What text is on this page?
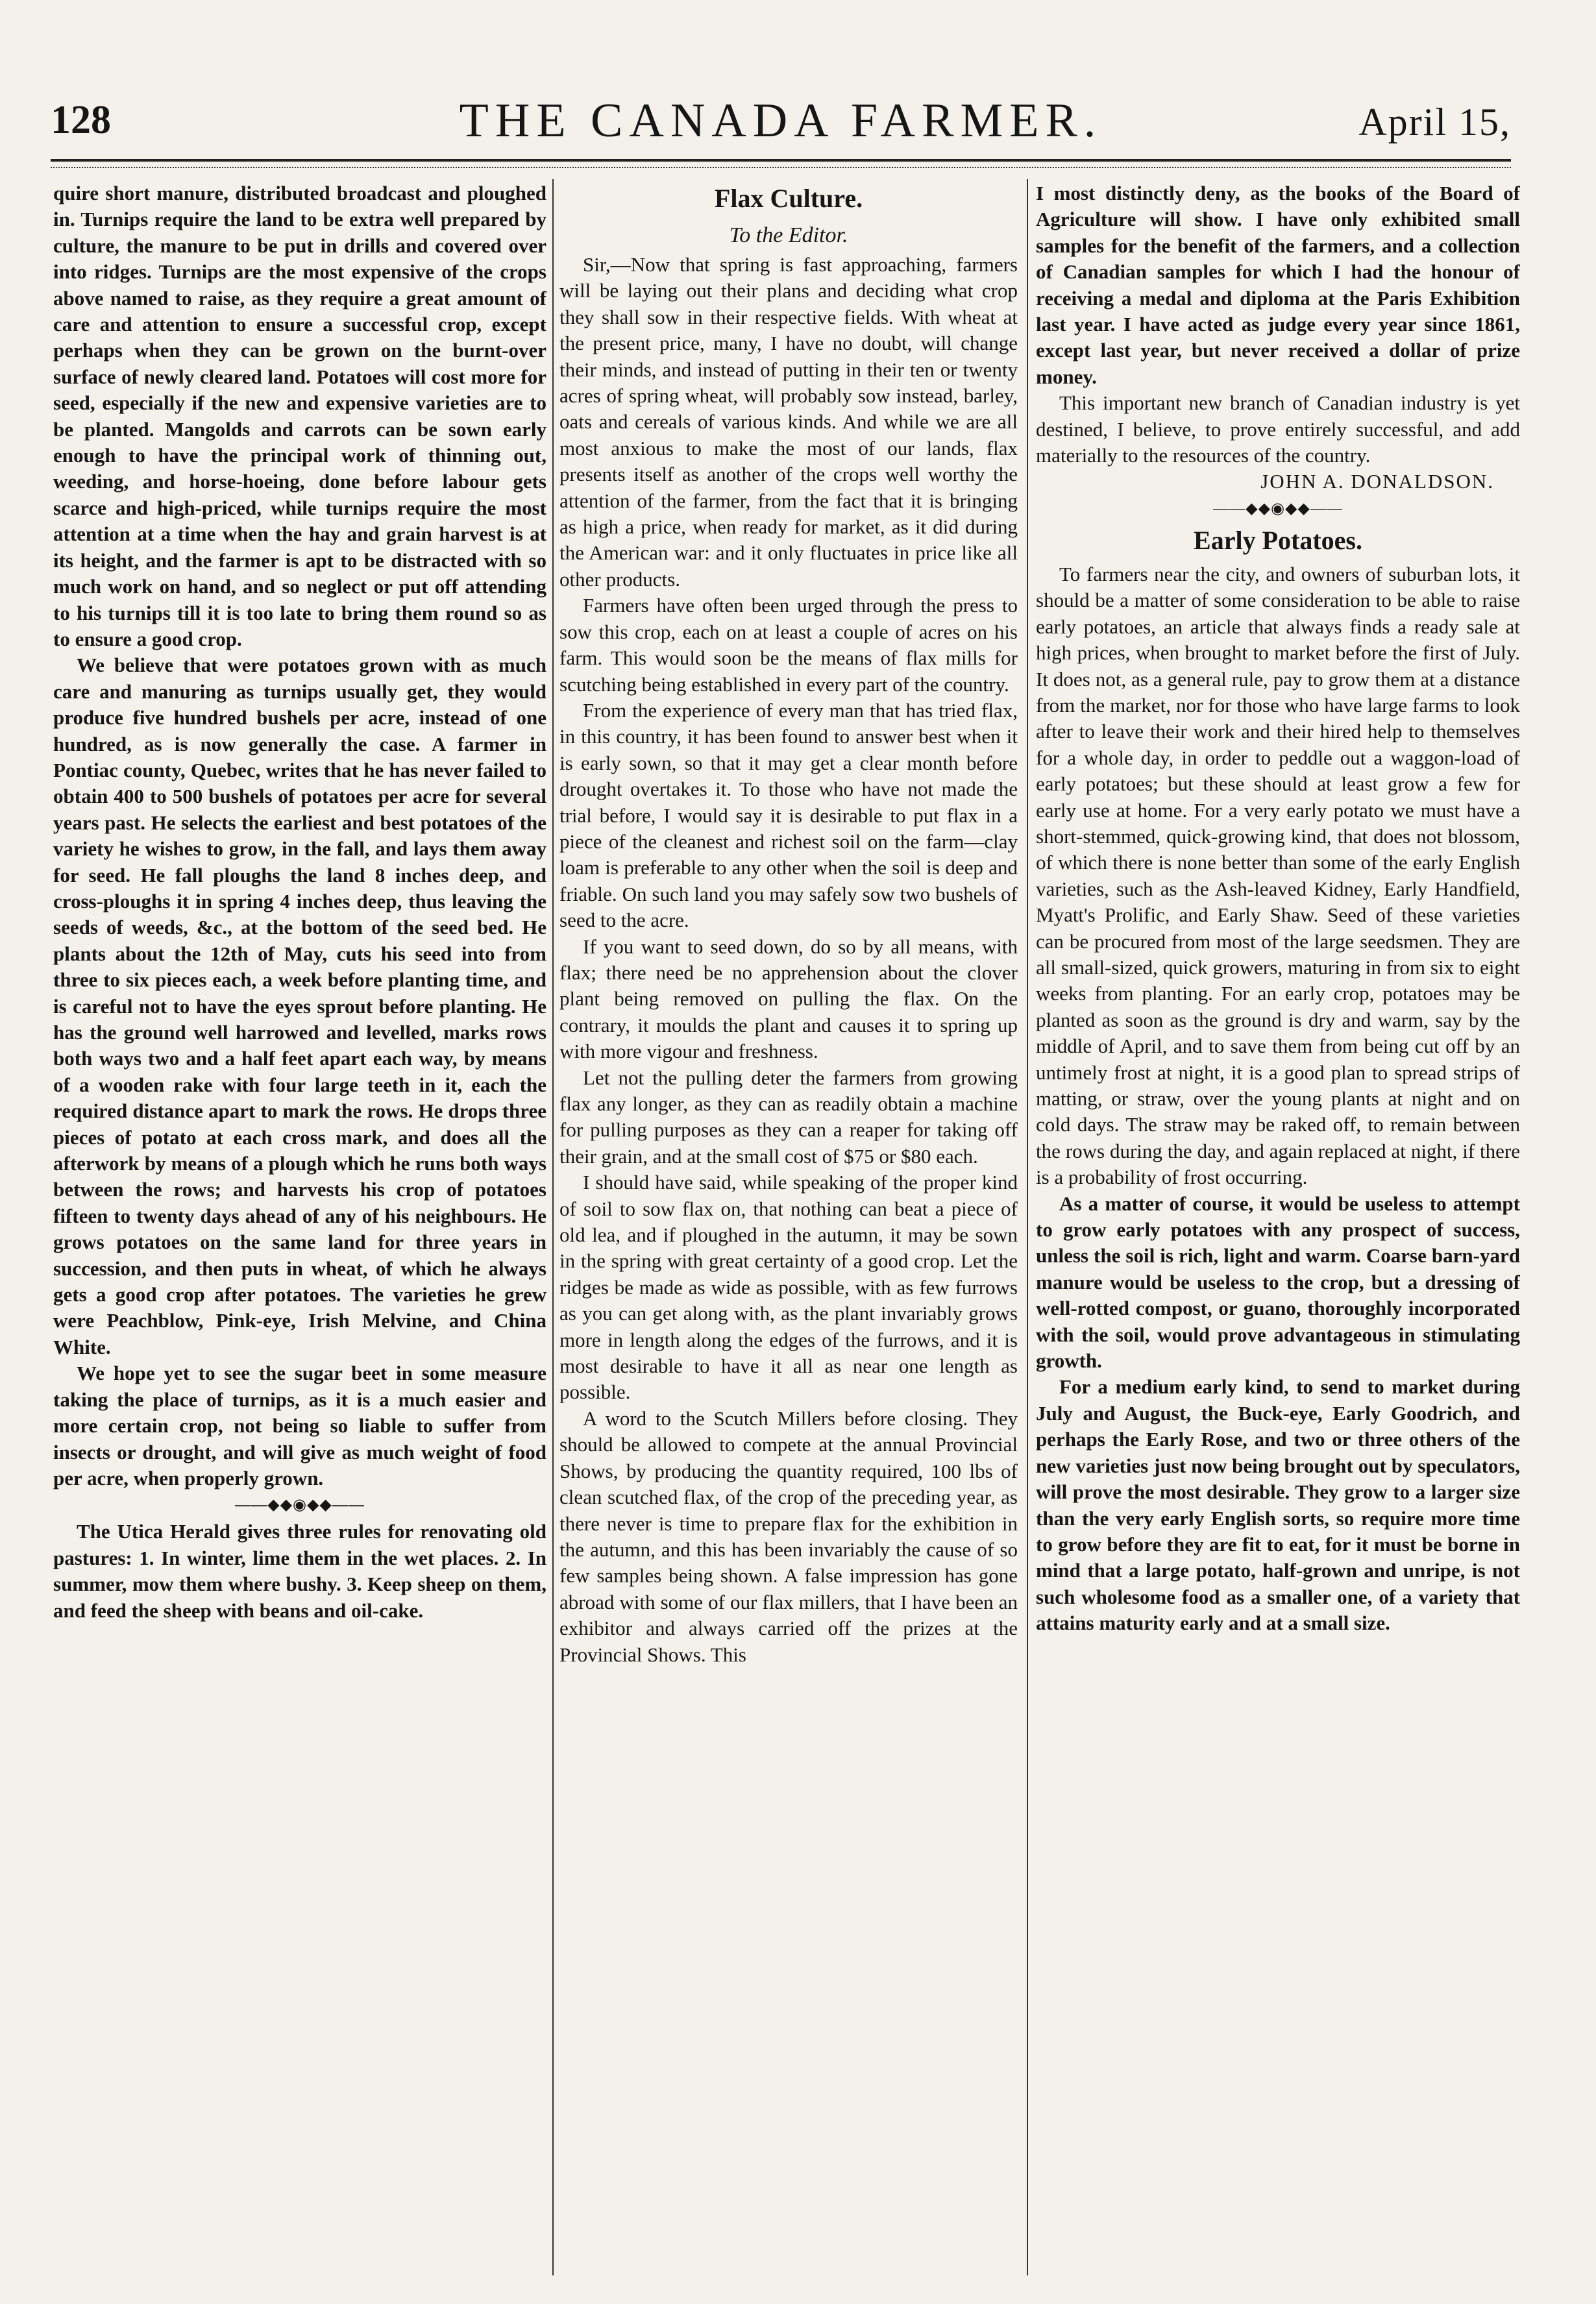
128	THE CANADA FARMER.	April 15,

quire short manure, distributed broadcast and ploughed in. Turnips require the land to be extra well prepared by culture, the manure to be put in drills and covered over into ridges. Turnips are the most expensive of the crops above named to raise, as they require a great amount of care and attention to ensure a successful crop, except perhaps when they can be grown on the burnt-over surface of newly cleared land. Potatoes will cost more for seed, especially if the new and expensive varieties are to be planted. Mangolds and carrots can be sown early enough to have the principal work of thinning out, weeding, and horse-hoeing, done before labour gets scarce and high-priced, while turnips require the most attention at a time when the hay and grain harvest is at its height, and the farmer is apt to be distracted with so much work on hand, and so neglect or put off attending to his turnips till it is too late to bring them round so as to ensure a good crop.

We believe that were potatoes grown with as much care and manuring as turnips usually get, they would produce five hundred bushels per acre, instead of one hundred, as is now generally the case. A farmer in Pontiac county, Quebec, writes that he has never failed to obtain 400 to 500 bushels of potatoes per acre for several years past. He selects the earliest and best potatoes of the variety he wishes to grow, in the fall, and lays them away for seed. He fall ploughs the land 8 inches deep, and cross-ploughs it in spring 4 inches deep, thus leaving the seeds of weeds, &c., at the bottom of the seed bed. He plants about the 12th of May, cuts his seed into from three to six pieces each, a week before planting time, and is careful not to have the eyes sprout before planting. He has the ground well harrowed and levelled, marks rows both ways two and a half feet apart each way, by means of a wooden rake with four large teeth in it, each the required distance apart to mark the rows. He drops three pieces of potato at each cross mark, and does all the afterwork by means of a plough which he runs both ways between the rows; and harvests his crop of potatoes fifteen to twenty days ahead of any of his neighbours. He grows potatoes on the same land for three years in succession, and then puts in wheat, of which he always gets a good crop after potatoes. The varieties he grew were Peachblow, Pink-eye, Irish Melvine, and China White.

We hope yet to see the sugar beet in some measure taking the place of turnips, as it is a much easier and more certain crop, not being so liable to suffer from insects or drought, and will give as much weight of food per acre, when properly grown.

——◆◆◉◆◆——

The Utica Herald gives three rules for renovating old pastures: 1. In winter, lime them in the wet places. 2. In summer, mow them where bushy. 3. Keep sheep on them, and feed the sheep with beans and oil-cake.

Flax Culture.
To the Editor.

Sir,—Now that spring is fast approaching, farmers will be laying out their plans and deciding what crop they shall sow in their respective fields. With wheat at the present price, many, I have no doubt, will change their minds, and instead of putting in their ten or twenty acres of spring wheat, will probably sow instead, barley, oats and cereals of various kinds. And while we are all most anxious to make the most of our lands, flax presents itself as another of the crops well worthy the attention of the farmer, from the fact that it is bringing as high a price, when ready for market, as it did during the American war: and it only fluctuates in price like all other products.

Farmers have often been urged through the press to sow this crop, each on at least a couple of acres on his farm. This would soon be the means of flax mills for scutching being established in every part of the country.

From the experience of every man that has tried flax, in this country, it has been found to answer best when it is early sown, so that it may get a clear month before drought overtakes it. To those who have not made the trial before, I would say it is desirable to put flax in a piece of the cleanest and richest soil on the farm—clay loam is preferable to any other when the soil is deep and friable. On such land you may safely sow two bushels of seed to the acre.

If you want to seed down, do so by all means, with flax; there need be no apprehension about the clover plant being removed on pulling the flax. On the contrary, it moulds the plant and causes it to spring up with more vigour and freshness.

Let not the pulling deter the farmers from growing flax any longer, as they can as readily obtain a machine for pulling purposes as they can a reaper for taking off their grain, and at the small cost of $75 or $80 each.

I should have said, while speaking of the proper kind of soil to sow flax on, that nothing can beat a piece of old lea, and if ploughed in the autumn, it may be sown in the spring with great certainty of a good crop. Let the ridges be made as wide as possible, with as few furrows as you can get along with, as the plant invariably grows more in length along the edges of the furrows, and it is most desirable to have it all as near one length as possible.

A word to the Scutch Millers before closing. They should be allowed to compete at the annual Provincial Shows, by producing the quantity required, 100 lbs of clean scutched flax, of the crop of the preceding year, as there never is time to prepare flax for the exhibition in the autumn, and this has been invariably the cause of so few samples being shown. A false impression has gone abroad with some of our flax millers, that I have been an exhibitor and always carried off the prizes at the Provincial Shows. This

I most distinctly deny, as the books of the Board of Agriculture will show. I have only exhibited small samples for the benefit of the farmers, and a collection of Canadian samples for which I had the honour of receiving a medal and diploma at the Paris Exhibition last year. I have acted as judge every year since 1861, except last year, but never received a dollar of prize money.

This important new branch of Canadian industry is yet destined, I believe, to prove entirely successful, and add materially to the resources of the country.

JOHN A. DONALDSON.
——◆◆◉◆◆——
Early Potatoes.

To farmers near the city, and owners of suburban lots, it should be a matter of some consideration to be able to raise early potatoes, an article that always finds a ready sale at high prices, when brought to market before the first of July. It does not, as a general rule, pay to grow them at a distance from the market, nor for those who have large farms to look after to leave their work and their hired help to themselves for a whole day, in order to peddle out a waggon-load of early potatoes; but these should at least grow a few for early use at home. For a very early potato we must have a short-stemmed, quick-growing kind, that does not blossom, of which there is none better than some of the early English varieties, such as the Ash-leaved Kidney, Early Handfield, Myatt's Prolific, and Early Shaw. Seed of these varieties can be procured from most of the large seedsmen. They are all small-sized, quick growers, maturing in from six to eight weeks from planting. For an early crop, potatoes may be planted as soon as the ground is dry and warm, say by the middle of April, and to save them from being cut off by an untimely frost at night, it is a good plan to spread strips of matting, or straw, over the young plants at night and on cold days. The straw may be raked off, to remain between the rows during the day, and again replaced at night, if there is a probability of frost occurring.

As a matter of course, it would be useless to attempt to grow early potatoes with any prospect of success, unless the soil is rich, light and warm. Coarse barn-yard manure would be useless to the crop, but a dressing of well-rotted compost, or guano, thoroughly incorporated with the soil, would prove advantageous in stimulating growth.

For a medium early kind, to send to market during July and August, the Buck-eye, Early Goodrich, and perhaps the Early Rose, and two or three others of the new varieties just now being brought out by speculators, will prove the most desirable. They grow to a larger size than the very early English sorts, so require more time to grow before they are fit to eat, for it must be borne in mind that a large potato, half-grown and unripe, is not such wholesome food as a smaller one, of a variety that attains maturity early and at a small size.
